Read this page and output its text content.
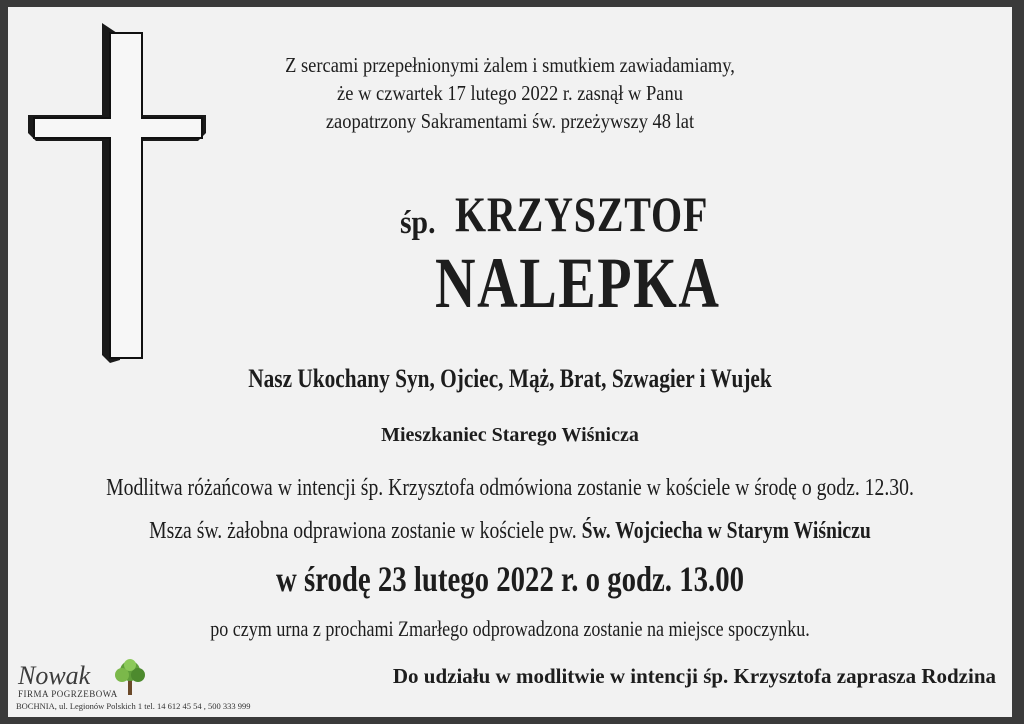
Z sercami przepełnionymi żalem i smutkiem zawiadamiamy,
że w czwartek 17 lutego 2022 r. zasnął w Panu
zaopatrzony Sakramentami św. przeżywszy 48 lat
śp. KRZYSZTOF
NALEPKA
Nasz Ukochany Syn, Ojciec, Mąż, Brat, Szwagier i Wujek
Mieszkaniec Starego Wiśnicza
Modlitwa różańcowa w intencji śp. Krzysztofa odmówiona zostanie w kościele w środę o godz. 12.30.
Msza św. żałobna odprawiona zostanie w kościele pw. Św. Wojciecha w Starym Wiśniczu
w środę 23 lutego 2022 r. o godz. 13.00
po czym urna z prochami Zmarłego odprowadzona zostanie na miejsce spoczynku.
Nowak
FIRMA POGRZEBOWA
BOCHNIA, ul. Legionów Polskich 1 tel. 14 612 45 54 , 500 333 999
Do udziału w modlitwie w intencji śp. Krzysztofa zaprasza Rodzina
